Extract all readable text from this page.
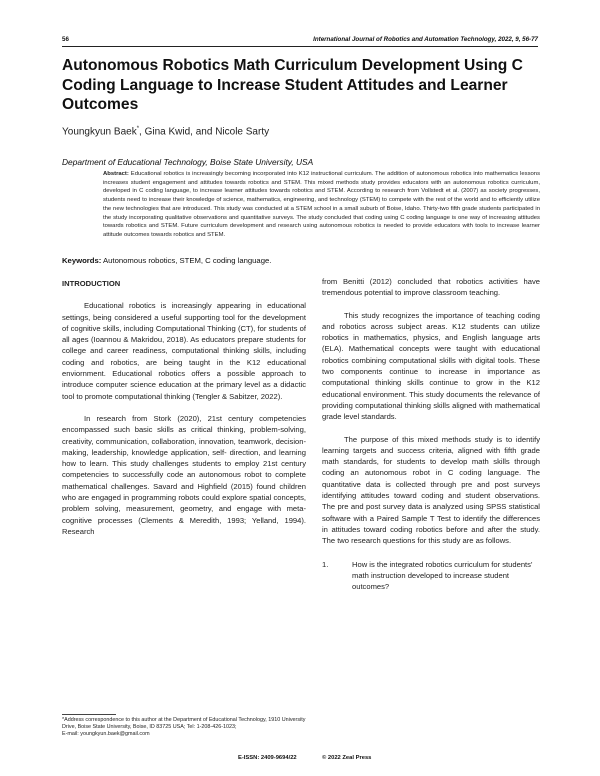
56	International Journal of Robotics and Automation Technology, 2022, 9, 56-77
Autonomous Robotics Math Curriculum Development Using C Coding Language to Increase Student Attitudes and Learner Outcomes
Youngkyun Baek*, Gina Kwid, and Nicole Sarty
Department of Educational Technology, Boise State University, USA

Abstract: Educational robotics is increasingly becoming incorporated into K12 instructional curriculum. The addition of autonomous robotics into mathematics lessons increases student engagement and attitudes towards robotics and STEM. This mixed methods study provides educators with an autonomous robotics curriculum, developed in C coding language, to increase learner attitudes towards robotics and STEM. According to research from Vollstedt et al. (2007) as society progresses, students need to increase their knowledge of science, mathematics, engineering, and technology (STEM) to compete with the rest of the world and to efficiently utilize the new technologies that are introduced. This study was conducted at a STEM school in a small suburb of Boise, Idaho. Thirty-two fifth grade students participated in the study incorporating qualitative observations and quantitative surveys. The study concluded that coding using C coding language is one way of increasing attitudes towards robotics and STEM. Future curriculum development and research using autonomous robotics is needed to provide educators with tools to increase learner attitude outcomes towards robotics and STEM.

Keywords: Autonomous robotics, STEM, C coding language.
INTRODUCTION

Educational robotics is increasingly appearing in educational settings, being considered a useful supporting tool for the development of cognitive skills, including Computational Thinking (CT), for students of all ages (Ioannou & Makridou, 2018). As educators prepare students for college and career readiness, computational thinking skills, including coding and robotics, are being taught in the K12 educational enviornment. Educational robotics offers a possible approach to introduce computer science education at the primary level as a didactic tool to promote computational thinking (Tengler & Sabitzer, 2022).

In research from Stork (2020), 21st century competencies encompassed such basic skills as critical thinking, problem-solving, creativity, communication, collaboration, innovation, teamwork, decision-making, leadership, knowledge application, self- direction, and learning how to learn. This study challenges students to employ 21st century competencies to successfully code an autonomous robot to complete mathematical challenges. Savard and Highfield (2015) found children who are engaged in programming robots could explore spatial concepts, problem solving, measurement, geometry, and engage with meta-cognitive processes (Clements & Meredith, 1993; Yelland, 1994). Research

from Benitti (2012) concluded that robotics activities have tremendous potential to improve classroom teaching.

This study recognizes the importance of teaching coding and robotics across subject areas. K12 students can utilize robotics in mathematics, physics, and English language arts (ELA). Mathematical concepts were taught with educational robotics combining computational skills with digital tools. These two components continue to increase in importance as computational thinking skills continue to grow in the K12 educational environment. This study documents the relevance of providing computational thinking skills aligned with mathematical grade level standards.

The purpose of this mixed methods study is to identify learning targets and success criteria, aligned with fifth grade math standards, for students to develop math skills through coding an autonomous robot in C coding language. The quantitative data is collected through pre and post surveys identifying attitudes toward coding and student observations. The pre and post survey data is analyzed using SPSS statistical software with a Paired Sample T Test to identify the differences in attitudes toward coding robotics before and after the study. The two research questions for this study are as follows.

1.	How is the integrated robotics curriculum for students' math instruction developed to increase student outcomes?

*Address correspondence to this author at the Department of Educational Technology, 1910 University Drive, Boise State University, Boise, ID 83725 USA; Tel: 1-208-426-1023;
E-mail: youngkyun.baek@gmail.com
E-ISSN: 2409-9694/22	© 2022 Zeal Press
